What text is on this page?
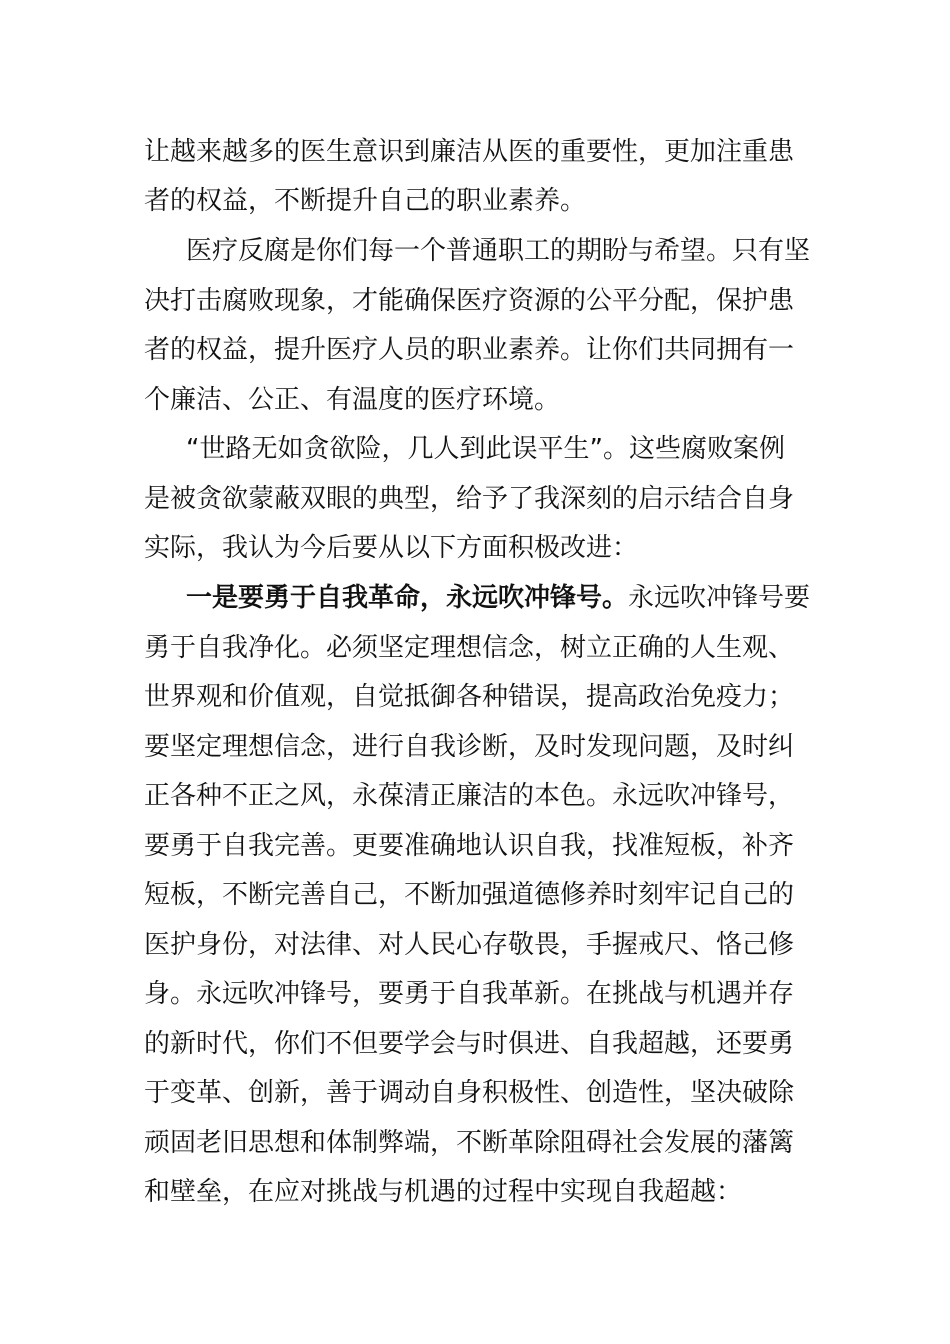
让越来越多的医生意识到廉洁从医的重要性，更加注重患
者的权益，不断提升自己的职业素养。
医疗反腐是你们每一个普通职工的期盼与希望。只有坚
决打击腐败现象，才能确保医疗资源的公平分配，保护患
者的权益，提升医疗人员的职业素养。让你们共同拥有一
个廉洁、公正、有温度的医疗环境。
“世路无如贪欲险，几人到此误平生”。这些腐败案例
是被贪欲蒙蔽双眼的典型，给予了我深刻的启示结合自身
实际，我认为今后要从以下方面积极改进：
一是要勇于自我革命，永远吹冲锋号。永远吹冲锋号要
勇于自我净化。必须坚定理想信念，树立正确的人生观、
世界观和价值观，自觉抵御各种错误，提高政治免疫力；
要坚定理想信念，进行自我诊断，及时发现问题，及时纠
正各种不正之风，永葆清正廉洁的本色。永远吹冲锋号，
要勇于自我完善。更要准确地认识自我，找准短板，补齐
短板，不断完善自己，不断加强道德修养时刻牢记自己的
医护身份，对法律、对人民心存敬畏，手握戒尺、恪己修
身。永远吹冲锋号，要勇于自我革新。在挑战与机遇并存
的新时代，你们不但要学会与时俱进、自我超越，还要勇
于变革、创新，善于调动自身积极性、创造性，坚决破除
顽固老旧思想和体制弊端，不断革除阻碍社会发展的藩篱
和壁垒，在应对挑战与机遇的过程中实现自我超越：
